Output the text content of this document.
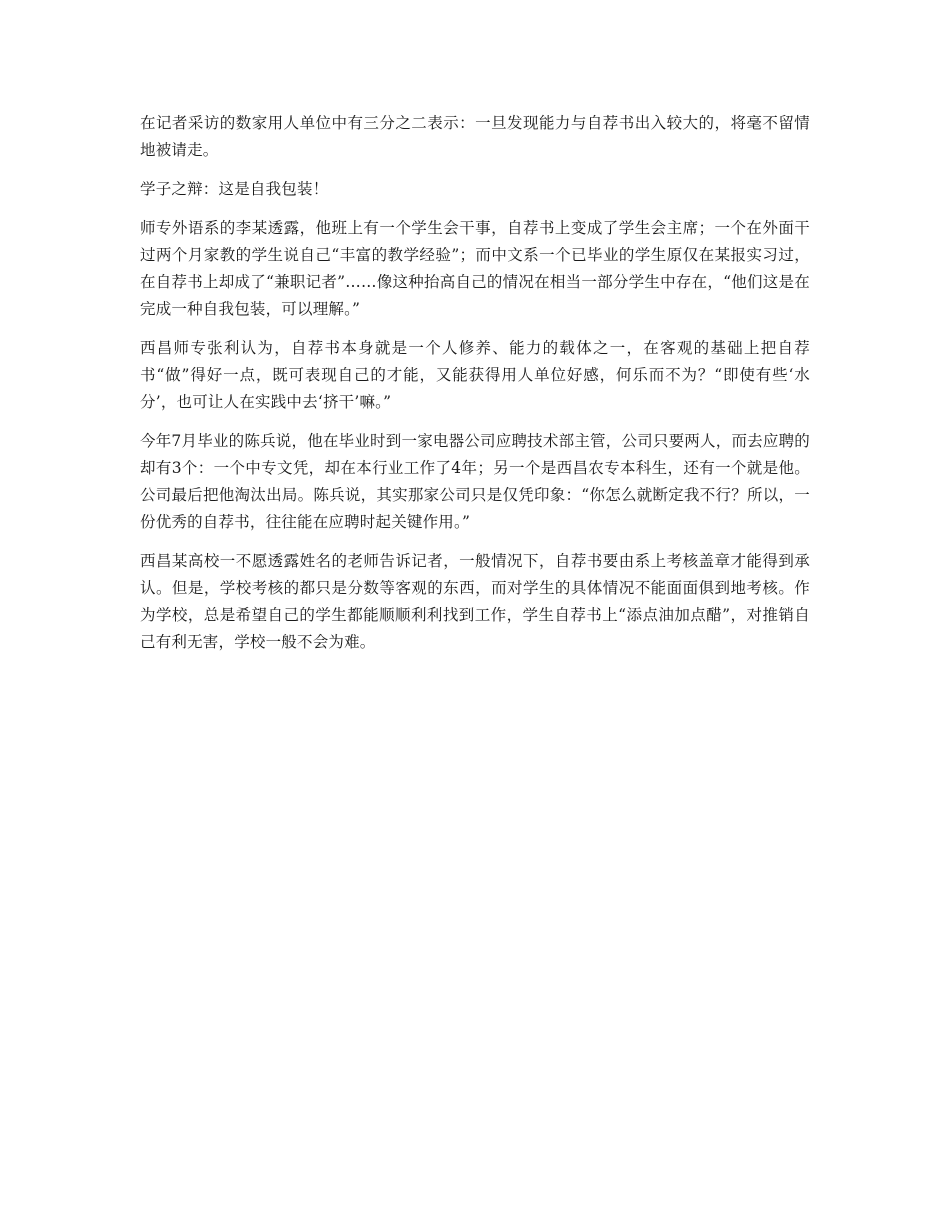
在记者采访的数家用人单位中有三分之二表示：一旦发现能力与自荐书出入较大的，将毫不留情地被请走。

学子之辩：这是自我包装！

师专外语系的李某透露，他班上有一个学生会干事，自荐书上变成了学生会主席；一个在外面干过两个月家教的学生说自己“丰富的教学经验”；而中文系一个已毕业的学生原仅在某报实习过，在自荐书上却成了“兼职记者”……像这种抬高自己的情况在相当一部分学生中存在，“他们这是在完成一种自我包装，可以理解。”

西昌师专张利认为，自荐书本身就是一个人修养、能力的载体之一，在客观的基础上把自荐书“做”得好一点，既可表现自己的才能，又能获得用人单位好感，何乐而不为？“即使有些‘水分’，也可让人在实践中去‘挤干’嘛。”

今年7月毕业的陈兵说，他在毕业时到一家电器公司应聘技术部主管，公司只要两人，而去应聘的却有3个：一个中专文凭，却在本行业工作了4年；另一个是西昌农专本科生，还有一个就是他。公司最后把他淘汰出局。陈兵说，其实那家公司只是仅凭印象：“你怎么就断定我不行？所以，一份优秀的自荐书，往往能在应聘时起关键作用。”

西昌某高校一不愿透露姓名的老师告诉记者，一般情况下，自荐书要由系上考核盖章才能得到承认。但是，学校考核的都只是分数等客观的东西，而对学生的具体情况不能面面俱到地考核。作为学校，总是希望自己的学生都能顺顺利利找到工作，学生自荐书上“添点油加点醋”，对推销自己有利无害，学校一般不会为难。
